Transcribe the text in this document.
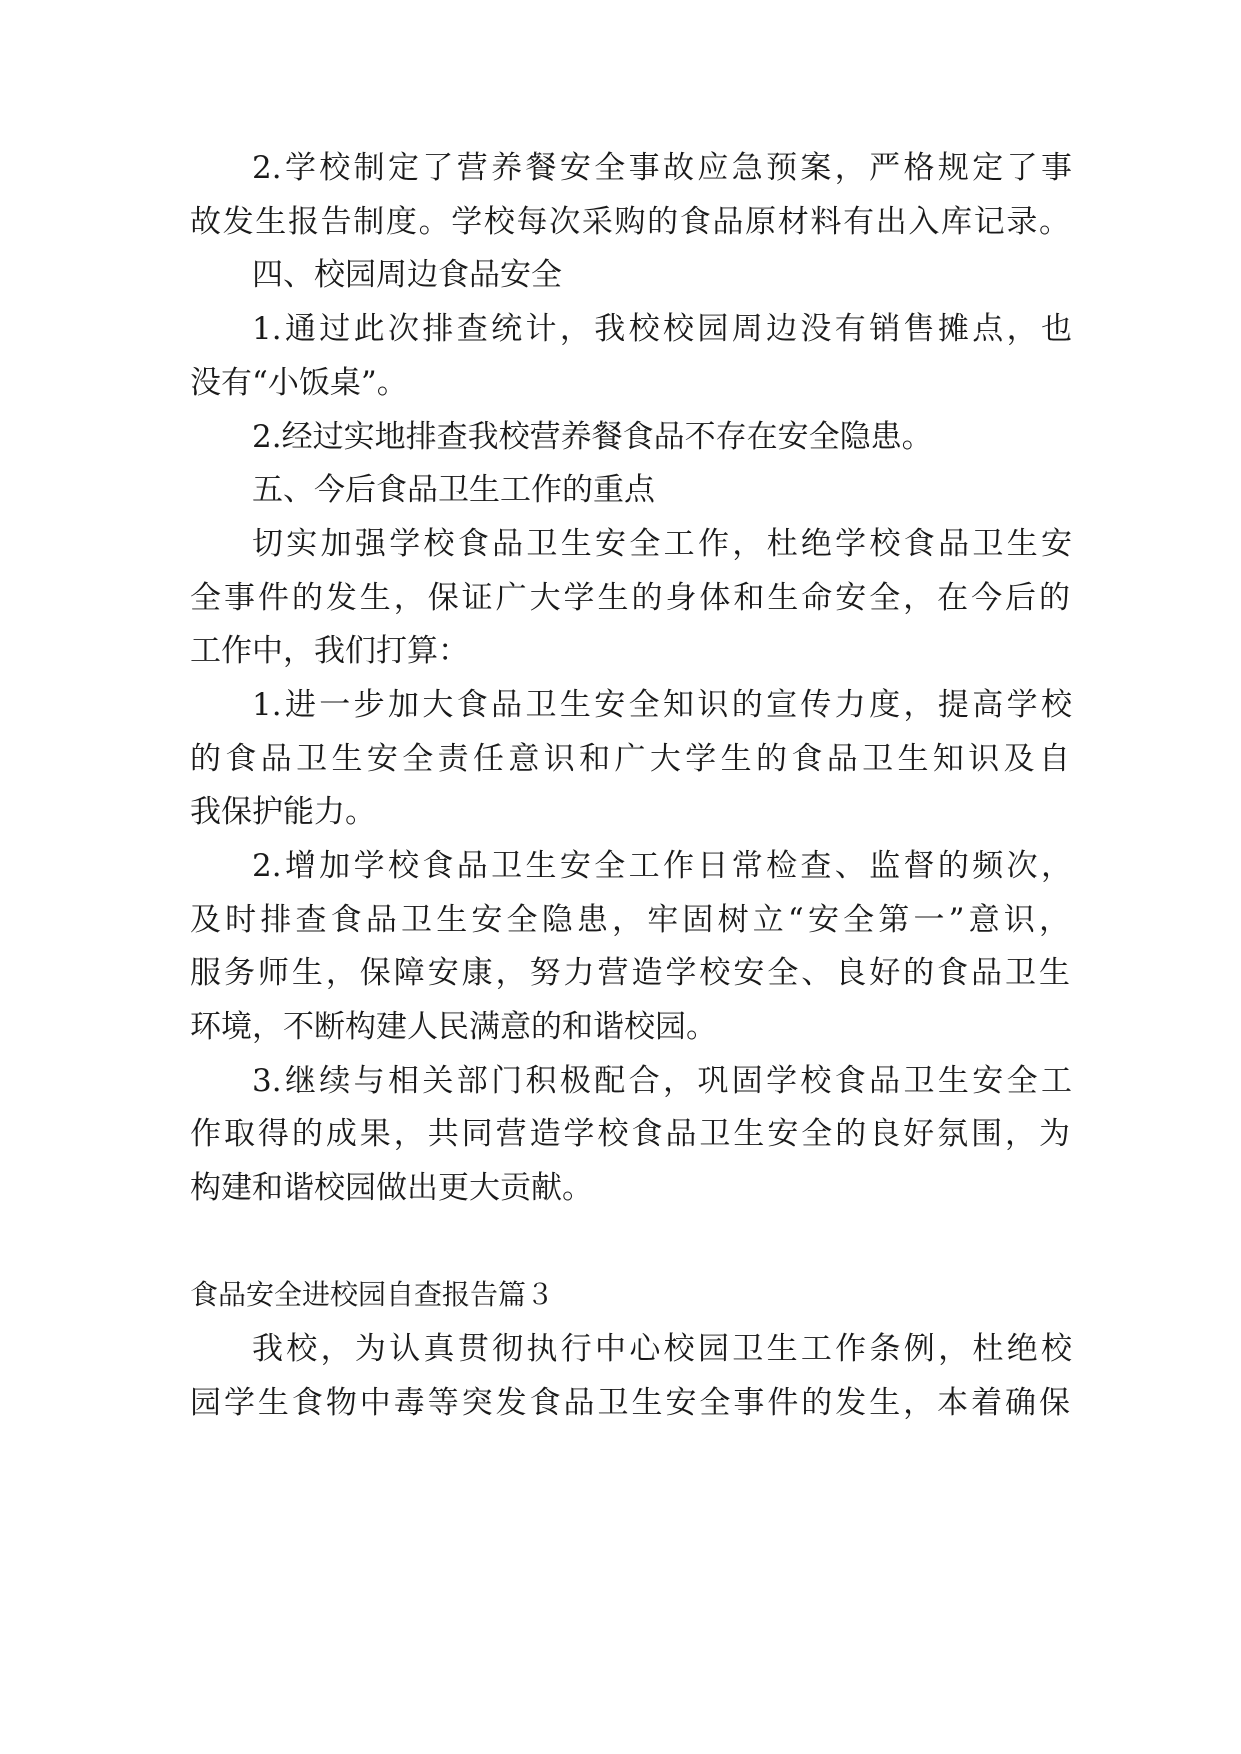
2.学校制定了营养餐安全事故应急预案，严格规定了事
故发生报告制度。学校每次采购的食品原材料有出入库记录。
四、校园周边食品安全
1.通过此次排查统计，我校校园周边没有销售摊点，也
没有“小饭桌”。
2.经过实地排查我校营养餐食品不存在安全隐患。
五、今后食品卫生工作的重点
切实加强学校食品卫生安全工作，杜绝学校食品卫生安
全事件的发生，保证广大学生的身体和生命安全，在今后的
工作中，我们打算：
1.进一步加大食品卫生安全知识的宣传力度，提高学校
的食品卫生安全责任意识和广大学生的食品卫生知识及自
我保护能力。
2.增加学校食品卫生安全工作日常检查、监督的频次，
及时排查食品卫生安全隐患，牢固树立“安全第一”意识，
服务师生，保障安康，努力营造学校安全、良好的食品卫生
环境，不断构建人民满意的和谐校园。
3.继续与相关部门积极配合，巩固学校食品卫生安全工
作取得的成果，共同营造学校食品卫生安全的良好氛围，为
构建和谐校园做出更大贡献。
食品安全进校园自查报告篇３
我校，为认真贯彻执行中心校园卫生工作条例，杜绝校
园学生食物中毒等突发食品卫生安全事件的发生，本着确保
